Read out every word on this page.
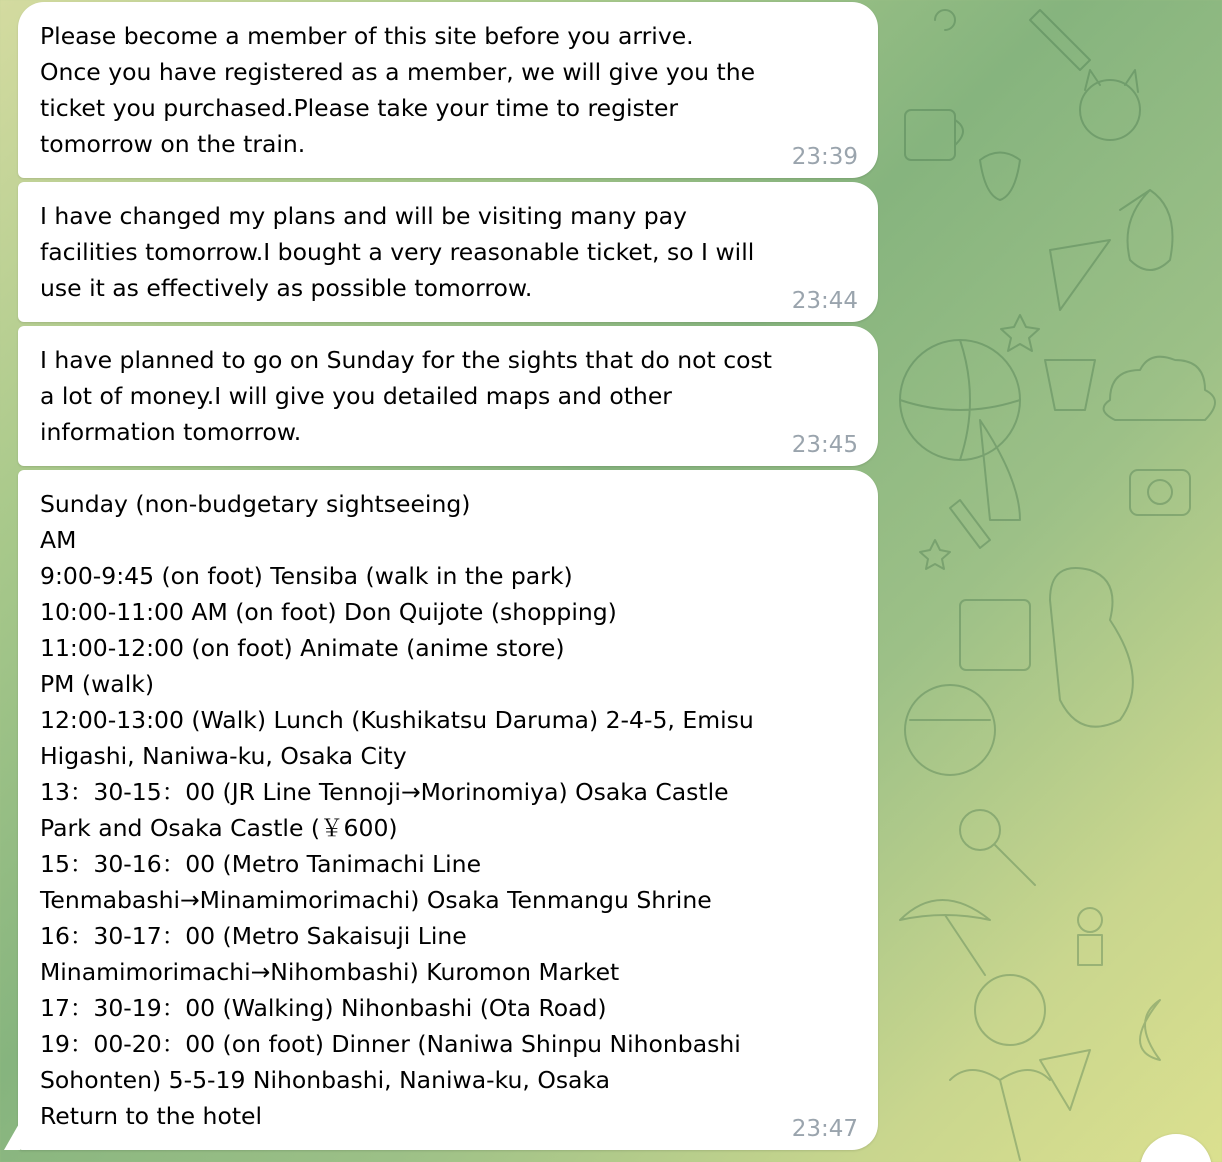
Please become a member of this site before you arrive.
Once you have registered as a member, we will give you the ticket you purchased.Please take your time to register tomorrow on the train.	23:39
I have changed my plans and will be visiting many pay facilities tomorrow.I bought a very reasonable ticket, so I will use it as effectively as possible tomorrow.	23:44
I have planned to go on Sunday for the sights that do not cost a lot of money.I will give you detailed maps and other information tomorrow.	23:45
Sunday (non-budgetary sightseeing)
AM
9:00-9:45 (on foot) Tensiba (walk in the park)
10:00-11:00 AM (on foot) Don Quijote (shopping)
11:00-12:00 (on foot) Animate (anime store)
PM (walk)
12:00-13:00 (Walk) Lunch (Kushikatsu Daruma) 2-4-5, Emisu Higashi, Naniwa-ku, Osaka City
13：30-15：00 (JR Line Tennoji→Morinomiya) Osaka Castle Park and Osaka Castle (￥600)
15：30-16：00 (Metro Tanimachi Line Tenmabashi→Minamimorimachi) Osaka Tenmangu Shrine
16：30-17：00 (Metro Sakaisuji Line Minamimorimachi→Nihombashi) Kuromon Market
17：30-19：00 (Walking) Nihonbashi (Ota Road)
19：00-20：00 (on foot) Dinner (Naniwa Shinpu Nihonbashi Sohonten) 5-5-19 Nihonbashi, Naniwa-ku, Osaka
Return to the hotel	23:47
